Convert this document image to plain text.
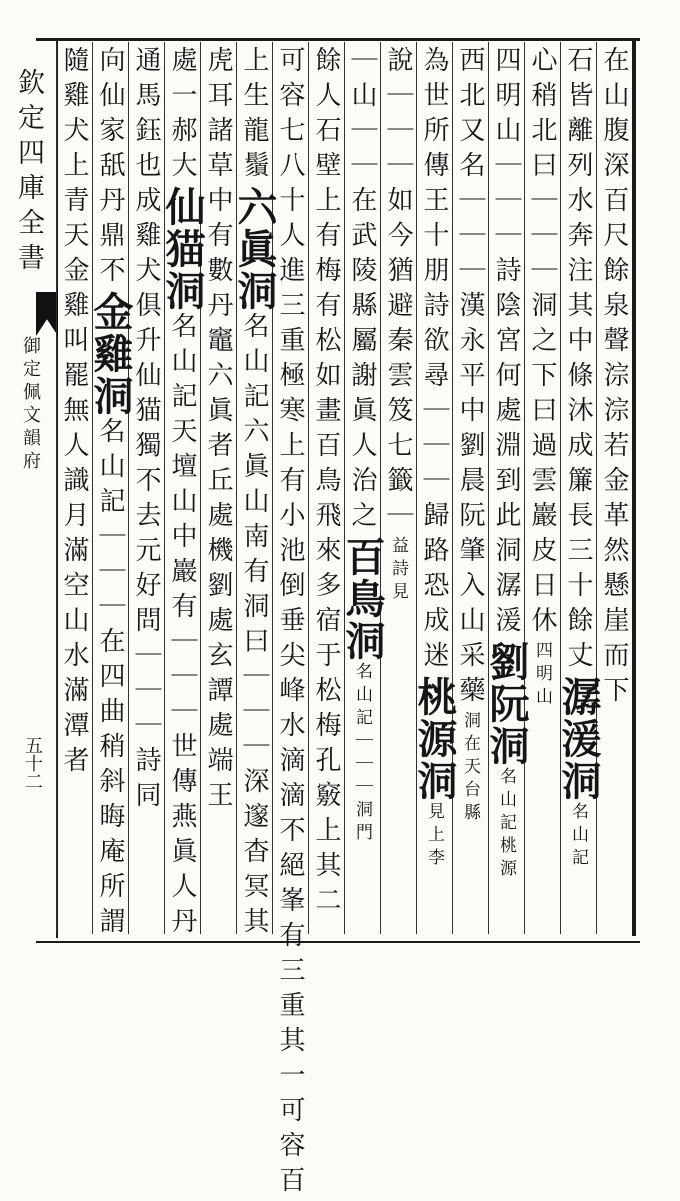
欽定四庫全書
御定佩文韻府
五十二
在山腹深百尺餘泉聲淙淙若金革然懸崖而下
石皆離列水奔注其中條沐成簾長三十餘丈潺湲洞名山記
心稍北曰｜｜｜洞之下曰過雲巖皮日休四明山
四明山｜｜｜詩陰宮何處淵到此洞潺湲劉阮洞名山記桃源
西北又名｜｜｜漢永平中劉晨阮肇入山采藥洞在天台縣
為世所傳王十朋詩欲尋｜｜｜歸路恐成迷桃源洞見上李
說｜｜｜如今猶避秦雲笈七籤｜益詩見
｜山｜｜在武陵縣屬謝眞人治之百鳥洞名山記｜｜｜洞門
餘人石壁上有梅有松如畫百鳥飛來多宿于松梅孔竅上其二
可容七八十人進三重極寒上有小池倒垂尖峰水滴滴不絕峯有三重其一可容百
上生龍鬚六眞洞名山記六眞山南有洞曰｜｜｜深邃杳冥其
虎耳諸草中有數丹竈六眞者丘處機劉處玄譚處端王
處一郝大仙猫洞名山記天壇山中巖有｜｜｜世傳燕眞人丹
通馬鈺也成雞犬俱升仙猫獨不去元好問｜｜｜詩同
向仙家舐丹鼎不金雞洞名山記｜｜｜在四曲稍斜晦庵所謂
隨雞犬上青天金雞叫罷無人識月滿空山水滿潭者
